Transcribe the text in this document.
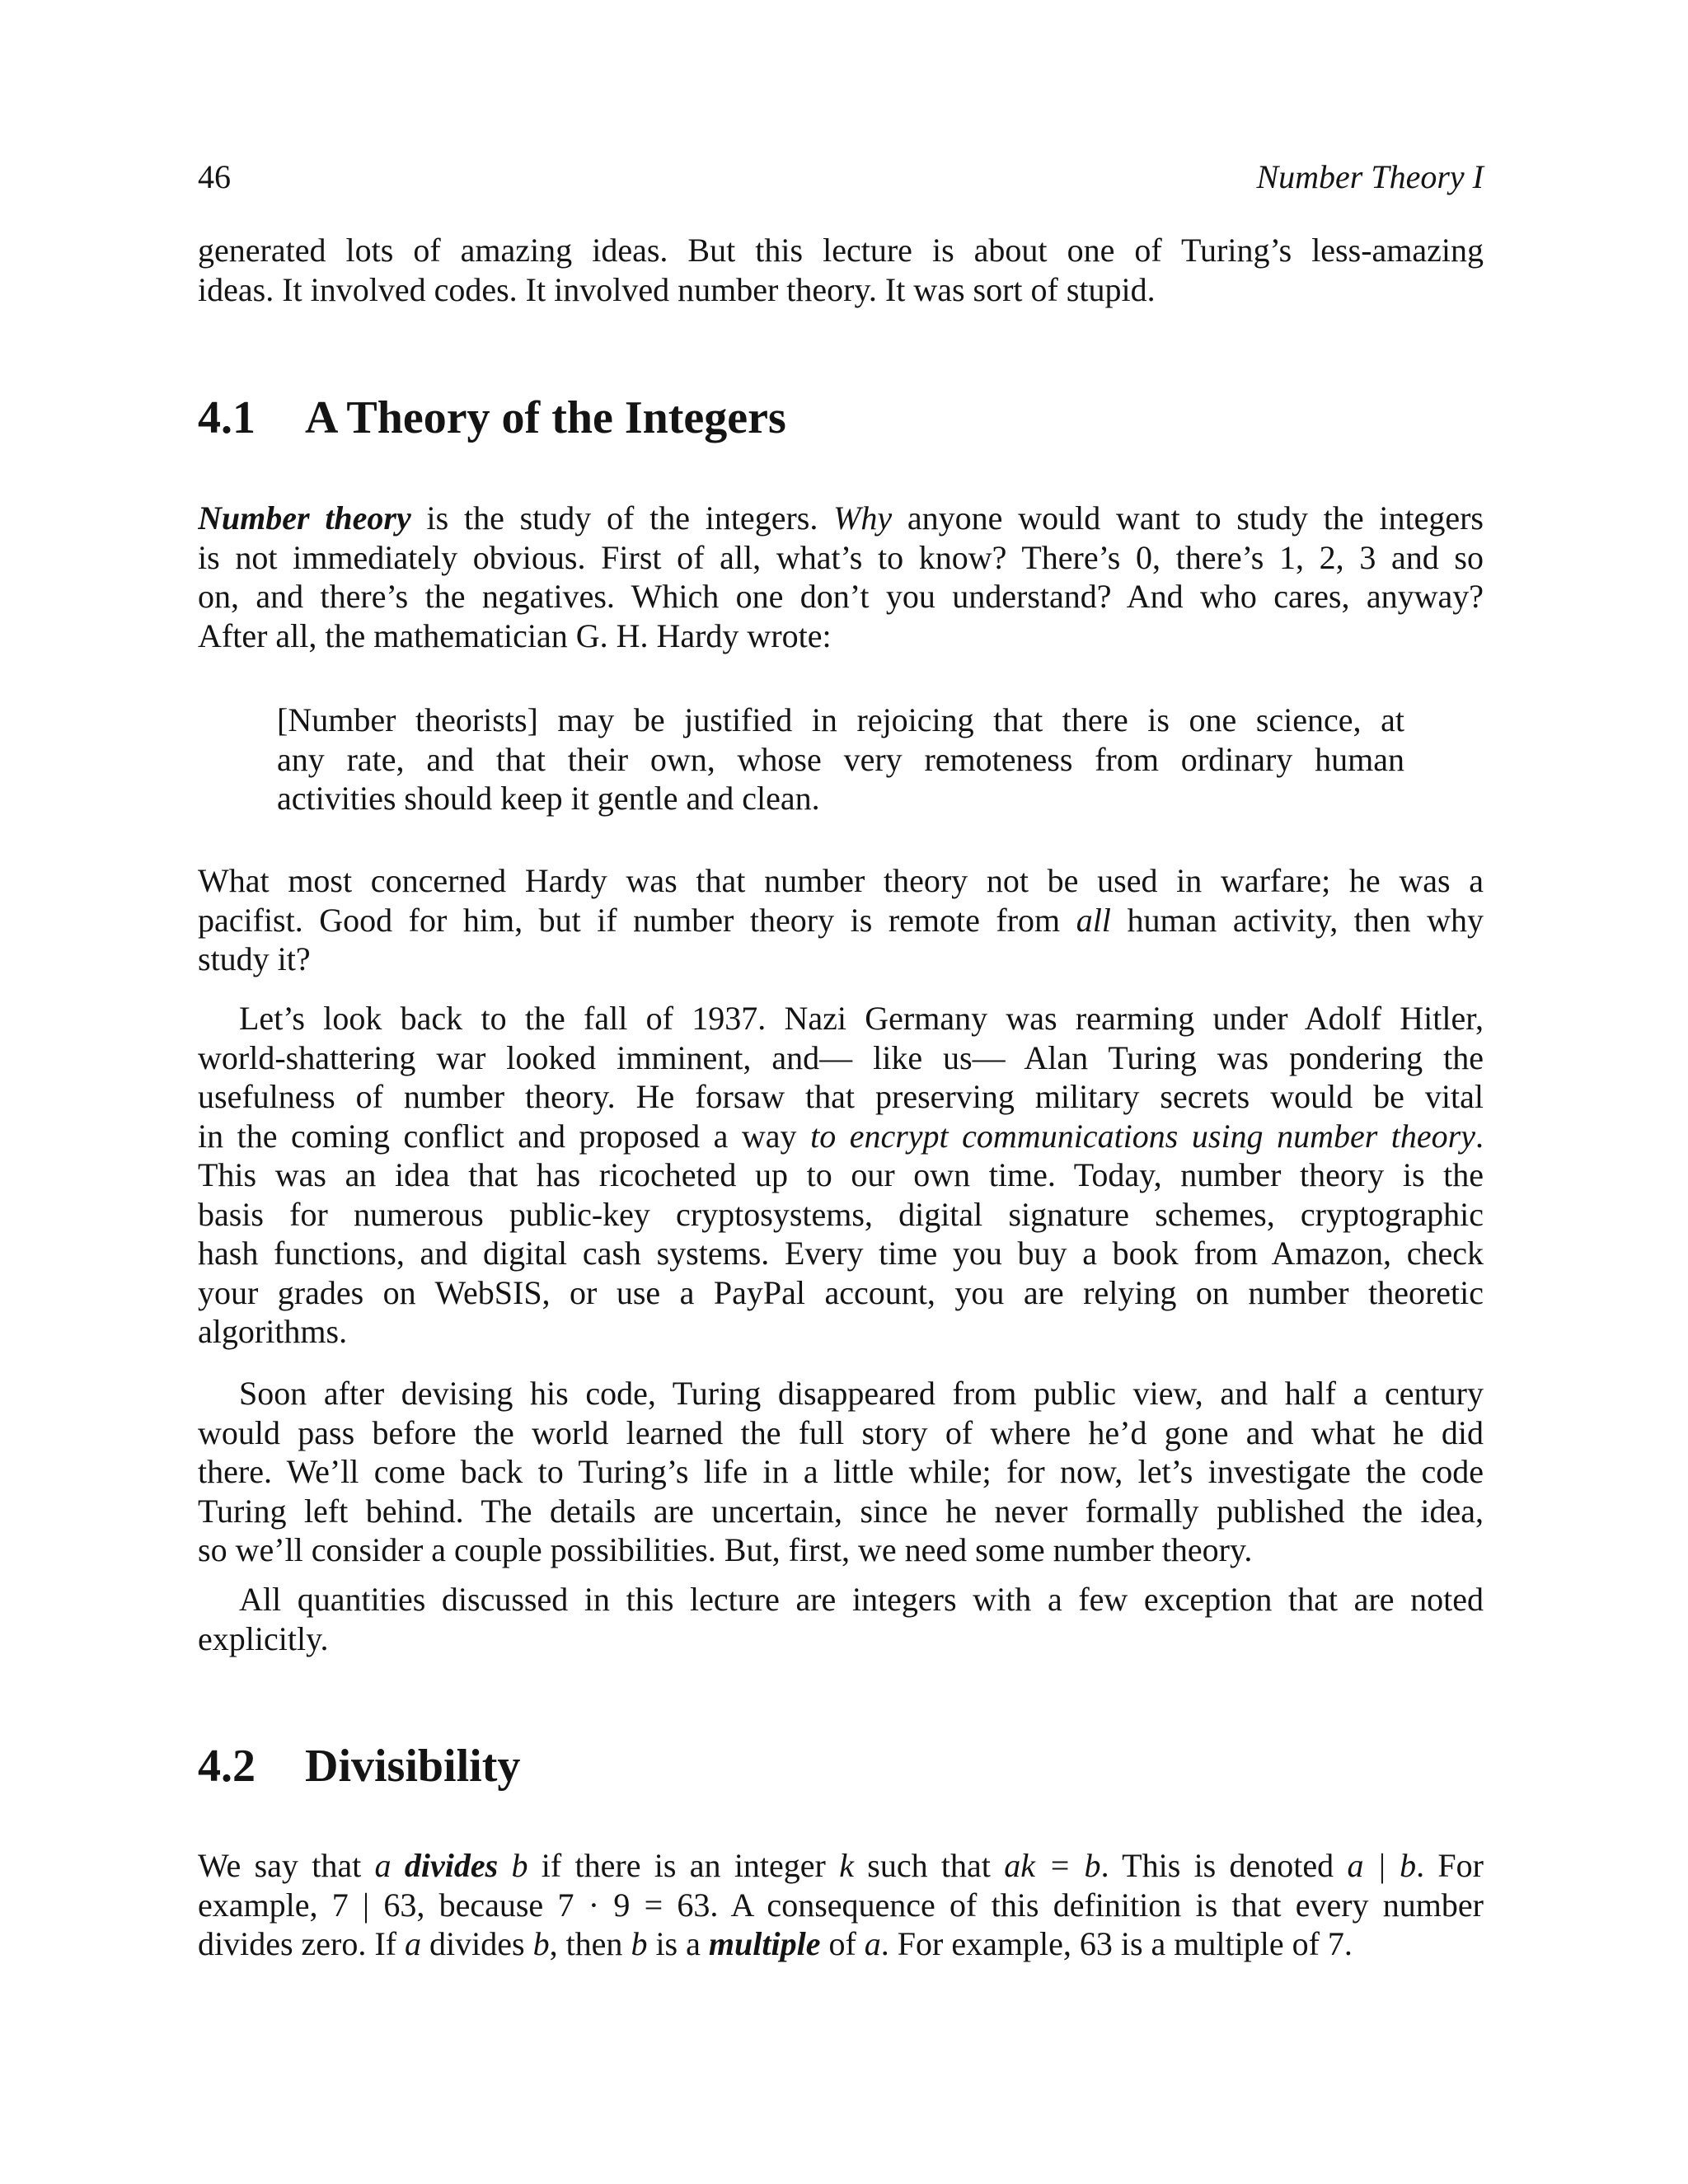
46	Number Theory I
generated lots of amazing ideas. But this lecture is about one of Turing’s less-amazing
ideas. It involved codes. It involved number theory. It was sort of stupid.
4.1 A Theory of the Integers
Number theory is the study of the integers. Why anyone would want to study the integers
is not immediately obvious. First of all, what’s to know? There’s 0, there’s 1, 2, 3 and so
on, and there’s the negatives. Which one don’t you understand? And who cares, anyway?
After all, the mathematician G. H. Hardy wrote:
[Number theorists] may be justified in rejoicing that there is one science, at
any rate, and that their own, whose very remoteness from ordinary human
activities should keep it gentle and clean.
What most concerned Hardy was that number theory not be used in warfare; he was a
pacifist. Good for him, but if number theory is remote from all human activity, then why
study it?
Let’s look back to the fall of 1937. Nazi Germany was rearming under Adolf Hitler,
world-shattering war looked imminent, and— like us— Alan Turing was pondering the
usefulness of number theory. He forsaw that preserving military secrets would be vital
in the coming conflict and proposed a way to encrypt communications using number theory.
This was an idea that has ricocheted up to our own time. Today, number theory is the
basis for numerous public-key cryptosystems, digital signature schemes, cryptographic
hash functions, and digital cash systems. Every time you buy a book from Amazon, check
your grades on WebSIS, or use a PayPal account, you are relying on number theoretic
algorithms.
Soon after devising his code, Turing disappeared from public view, and half a century
would pass before the world learned the full story of where he’d gone and what he did
there. We’ll come back to Turing’s life in a little while; for now, let’s investigate the code
Turing left behind. The details are uncertain, since he never formally published the idea,
so we’ll consider a couple possibilities. But, first, we need some number theory.
All quantities discussed in this lecture are integers with a few exception that are noted
explicitly.
4.2 Divisibility
We say that a divides b if there is an integer k such that ak = b. This is denoted a | b. For
example, 7 | 63, because 7 · 9 = 63. A consequence of this definition is that every number
divides zero. If a divides b, then b is a multiple of a. For example, 63 is a multiple of 7.
